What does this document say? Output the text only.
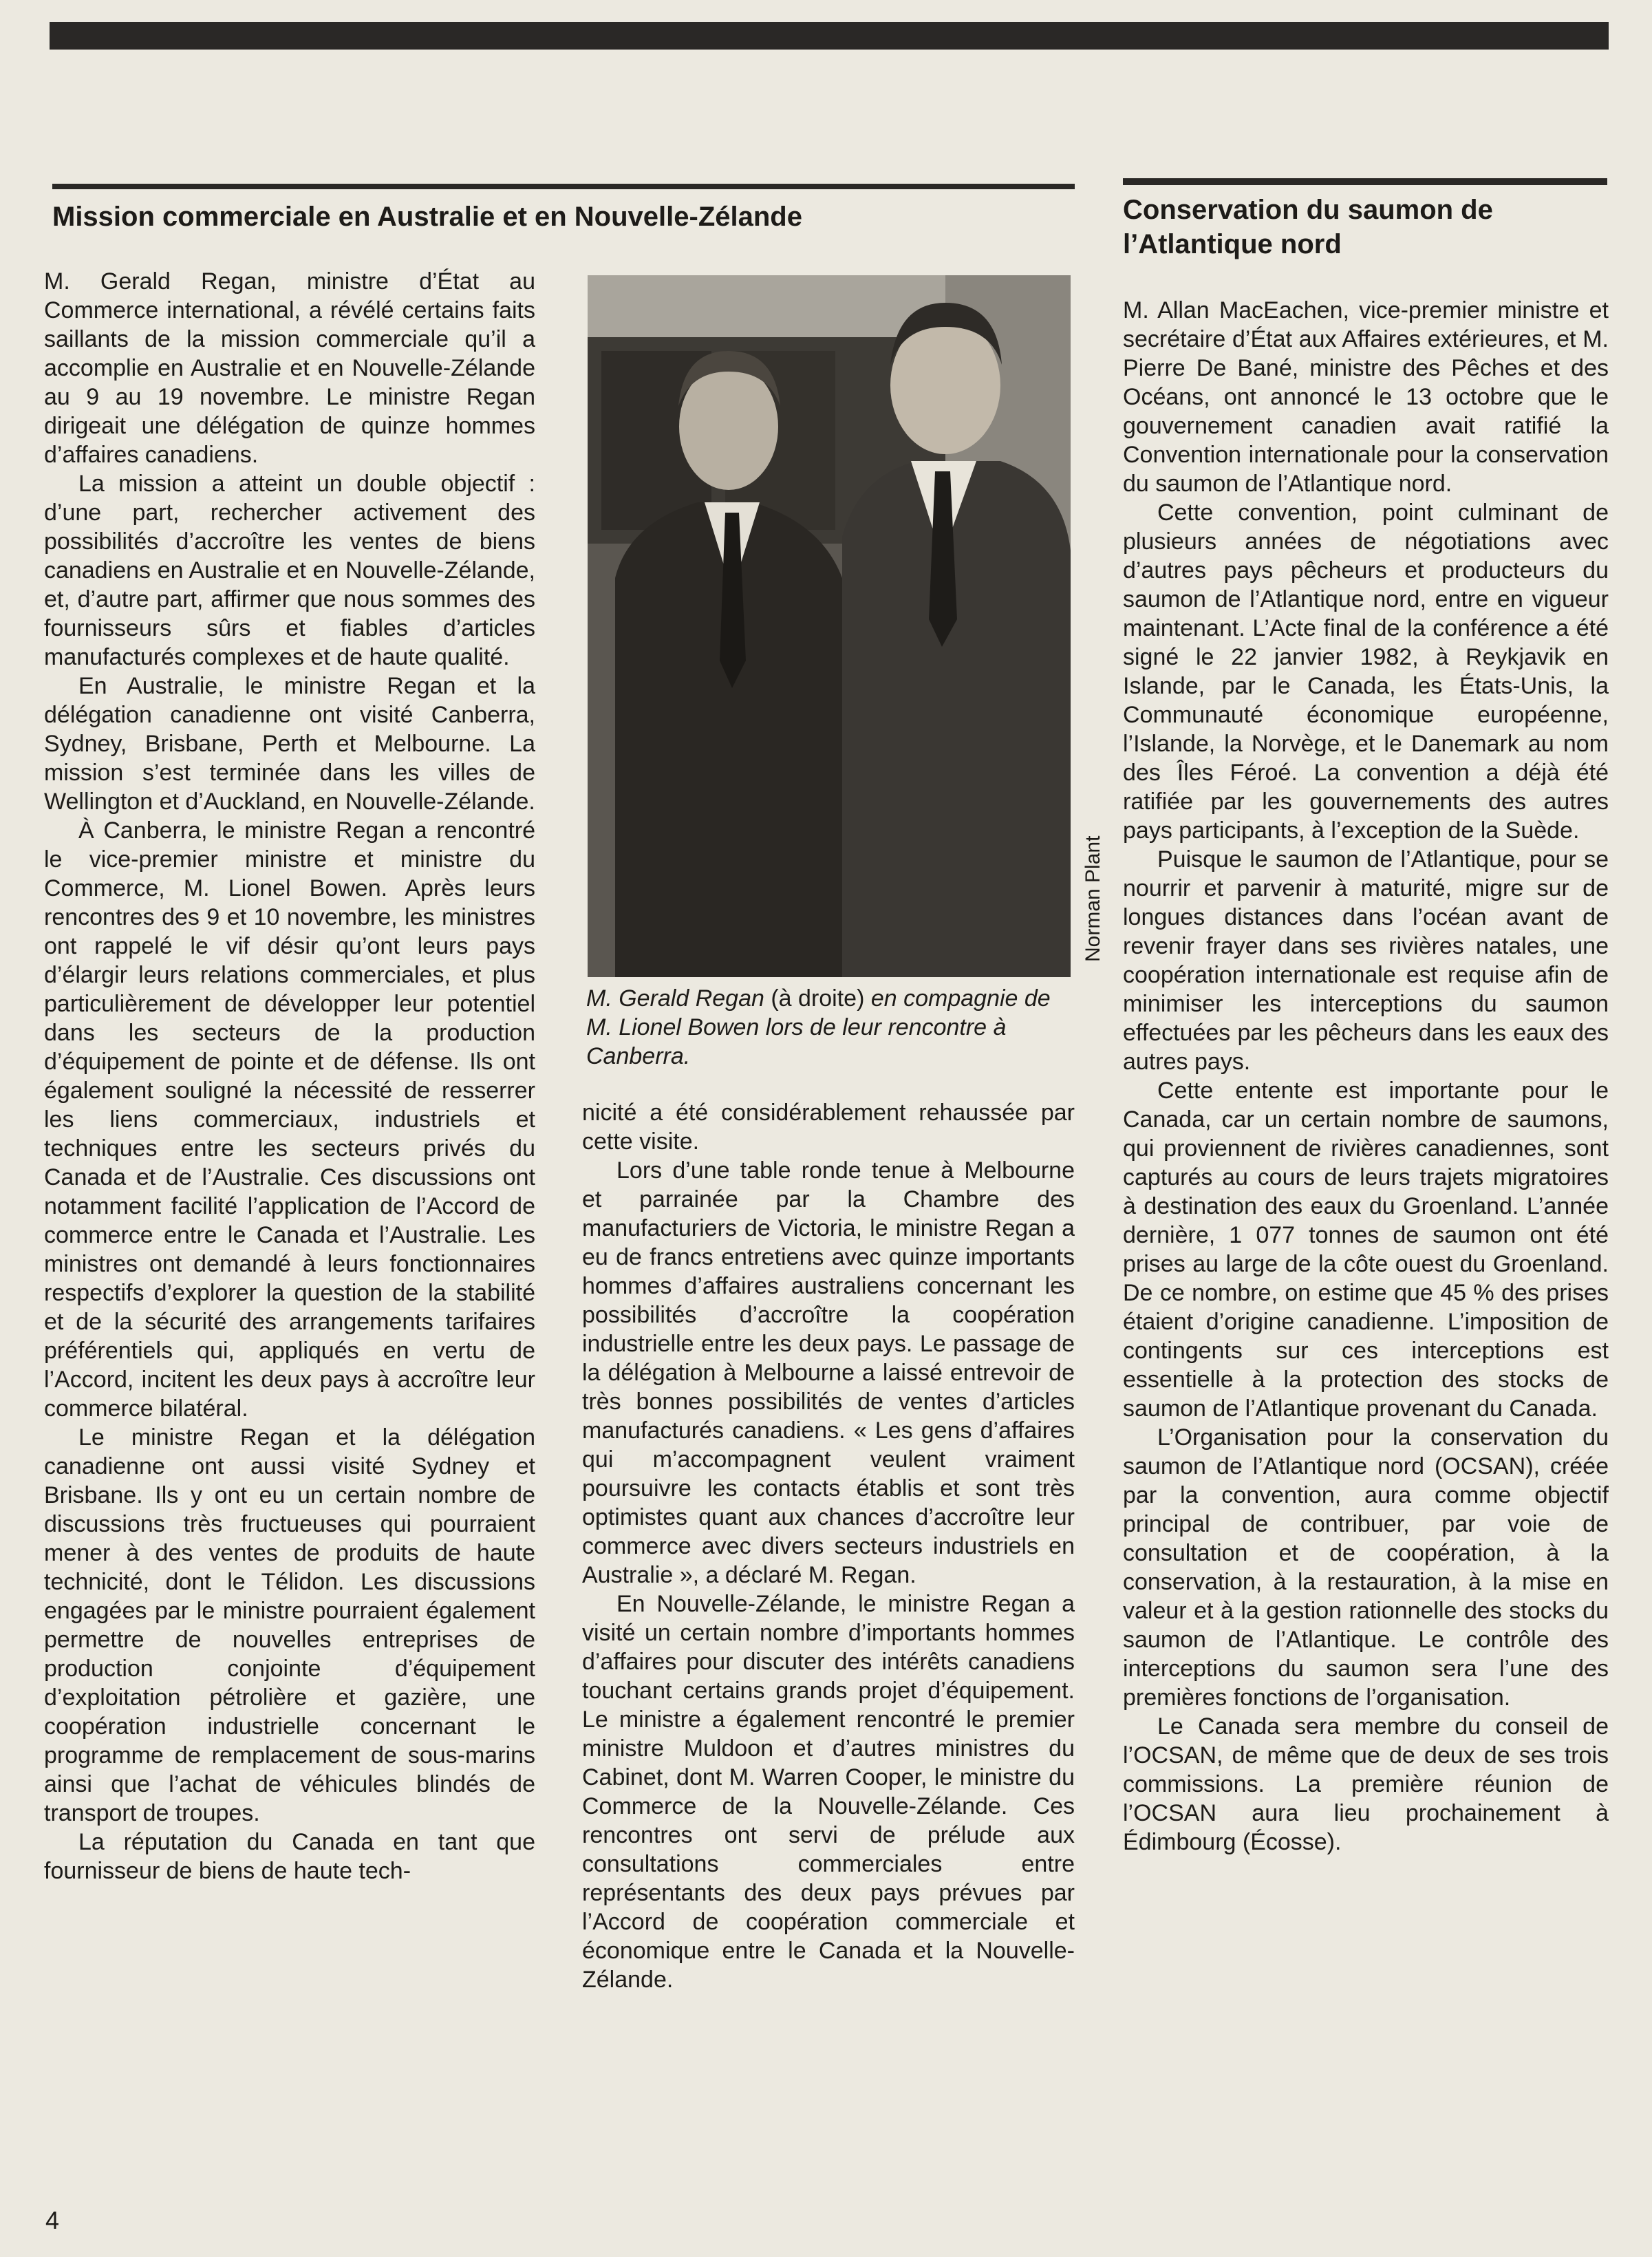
Mission commerciale en Australie et en Nouvelle-Zélande	Conservation du saumon de l’Atlantique nord

M. Gerald Regan, ministre d’État au Commerce international, a révélé certains faits saillants de la mission commerciale qu’il a accomplie en Australie et en Nouvelle-Zélande au 9 au 19 novembre. Le ministre Regan dirigeait une délégation de quinze hommes d’affaires canadiens.

La mission a atteint un double objectif : d’une part, rechercher activement des possibilités d’accroître les ventes de biens canadiens en Australie et en Nouvelle-Zélande, et, d’autre part, affirmer que nous sommes des fournisseurs sûrs et fiables d’articles manufacturés complexes et de haute qualité.

En Australie, le ministre Regan et la délégation canadienne ont visité Canberra, Sydney, Brisbane, Perth et Melbourne. La mission s’est terminée dans les villes de Wellington et d’Auckland, en Nouvelle-Zélande.

À Canberra, le ministre Regan a rencontré le vice-premier ministre et ministre du Commerce, M. Lionel Bowen. Après leurs rencontres des 9 et 10 novembre, les ministres ont rappelé le vif désir qu’ont leurs pays d’élargir leurs relations commerciales, et plus particulièrement de développer leur potentiel dans les secteurs de la production d’équipement de pointe et de défense. Ils ont également souligné la nécessité de resserrer les liens commerciaux, industriels et techniques entre les secteurs privés du Canada et de l’Australie. Ces discussions ont notamment facilité l’application de l’Accord de commerce entre le Canada et l’Australie. Les ministres ont demandé à leurs fonctionnaires respectifs d’explorer la question de la stabilité et de la sécurité des arrangements tarifaires préférentiels qui, appliqués en vertu de l’Accord, incitent les deux pays à accroître leur commerce bilatéral.

Le ministre Regan et la délégation canadienne ont aussi visité Sydney et Brisbane. Ils y ont eu un certain nombre de discussions très fructueuses qui pourraient mener à des ventes de produits de haute technicité, dont le Télidon. Les discussions engagées par le ministre pourraient également permettre de nouvelles entreprises de production conjointe d’équipement d’exploitation pétrolière et gazière, une coopération industrielle concernant le programme de remplacement de sous-marins ainsi que l’achat de véhicules blindés de transport de troupes.

La réputation du Canada en tant que fournisseur de biens de haute tech-

Norman Plant

M. Gerald Regan (à droite) en compagnie de M. Lionel Bowen lors de leur rencontre à Canberra.

nicité a été considérablement rehaussée par cette visite.

Lors d’une table ronde tenue à Melbourne et parrainée par la Chambre des manufacturiers de Victoria, le ministre Regan a eu de francs entretiens avec quinze importants hommes d’affaires australiens concernant les possibilités d’accroître la coopération industrielle entre les deux pays. Le passage de la délégation à Melbourne a laissé entrevoir de très bonnes possibilités de ventes d’articles manufacturés canadiens. « Les gens d’affaires qui m’accompagnent veulent vraiment poursuivre les contacts établis et sont très optimistes quant aux chances d’accroître leur commerce avec divers secteurs industriels en Australie », a déclaré M. Regan.

En Nouvelle-Zélande, le ministre Regan a visité un certain nombre d’importants hommes d’affaires pour discuter des intérêts canadiens touchant certains grands projet d’équipement. Le ministre a également rencontré le premier ministre Muldoon et d’autres ministres du Cabinet, dont M. Warren Cooper, le ministre du Commerce de la Nouvelle-Zélande. Ces rencontres ont servi de prélude aux consultations commerciales entre représentants des deux pays prévues par l’Accord de coopération commerciale et économique entre le Canada et la Nouvelle-Zélande.

M. Allan MacEachen, vice-premier ministre et secrétaire d’État aux Affaires extérieures, et M. Pierre De Bané, ministre des Pêches et des Océans, ont annoncé le 13 octobre que le gouvernement canadien avait ratifié la Convention internationale pour la conservation du saumon de l’Atlantique nord.

Cette convention, point culminant de plusieurs années de négotiations avec d’autres pays pêcheurs et producteurs du saumon de l’Atlantique nord, entre en vigueur maintenant. L’Acte final de la conférence a été signé le 22 janvier 1982, à Reykjavik en Islande, par le Canada, les États-Unis, la Communauté économique européenne, l’Islande, la Norvège, et le Danemark au nom des Îles Féroé. La convention a déjà été ratifiée par les gouvernements des autres pays participants, à l’exception de la Suède.

Puisque le saumon de l’Atlantique, pour se nourrir et parvenir à maturité, migre sur de longues distances dans l’océan avant de revenir frayer dans ses rivières natales, une coopération internationale est requise afin de minimiser les interceptions du saumon effectuées par les pêcheurs dans les eaux des autres pays.

Cette entente est importante pour le Canada, car un certain nombre de saumons, qui proviennent de rivières canadiennes, sont capturés au cours de leurs trajets migratoires à destination des eaux du Groenland. L’année dernière, 1 077 tonnes de saumon ont été prises au large de la côte ouest du Groenland. De ce nombre, on estime que 45 % des prises étaient d’origine canadienne. L’imposition de contingents sur ces interceptions est essentielle à la protection des stocks de saumon de l’Atlantique provenant du Canada.

L’Organisation pour la conservation du saumon de l’Atlantique nord (OCSAN), créée par la convention, aura comme objectif principal de contribuer, par voie de consultation et de coopération, à la conservation, à la restauration, à la mise en valeur et à la gestion rationnelle des stocks du saumon de l’Atlantique. Le contrôle des interceptions du saumon sera l’une des premières fonctions de l’organisation.

Le Canada sera membre du conseil de l’OCSAN, de même que de deux de ses trois commissions. La première réunion de l’OCSAN aura lieu prochainement à Édimbourg (Écosse).

4
